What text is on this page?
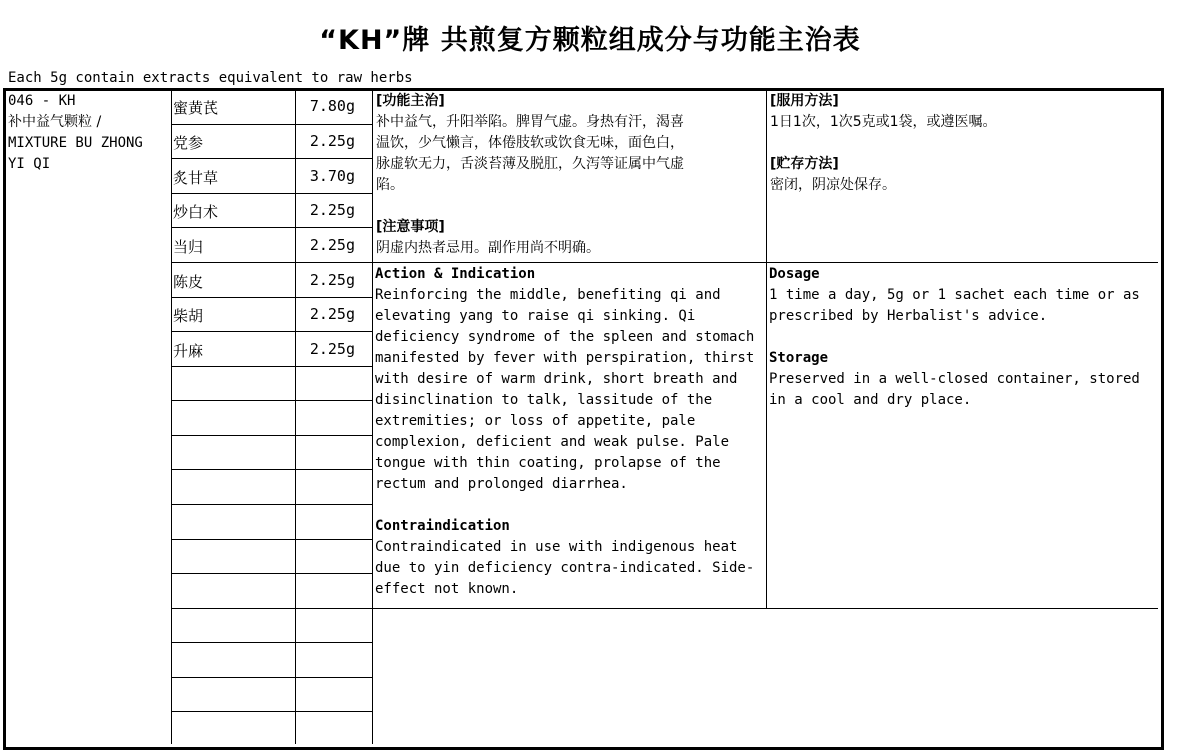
“KH”牌 共煎复方颗粒组成分与功能主治表
Each 5g contain extracts equivalent to raw herbs
046 - KH
补中益气颗粒 /
MIXTURE BU ZHONG
YI QI
蜜黄芪	7.80g
党参	2.25g
炙甘草	3.70g
炒白术	2.25g
当归	2.25g
陈皮	2.25g
柴胡	2.25g
升麻	2.25g
[功能主治]
补中益气，升阳举陷。脾胃气虚。身热有汗，渴喜
温饮，少气懒言，体倦肢软或饮食无味，面色白，
脉虚软无力，舌淡苔薄及脱肛，久泻等证属中气虚
陷。
[注意事项]
阴虚内热者忌用。副作用尚不明确。
[服用方法]
1日1次，1次5克或1袋，或遵医嘱。
[贮存方法]
密闭，阴凉处保存。
Action & Indication
Reinforcing the middle, benefiting qi and
elevating yang to raise qi sinking. Qi
deficiency syndrome of the spleen and stomach
manifested by fever with perspiration, thirst
with desire of warm drink, short breath and
disinclination to talk, lassitude of the
extremities; or loss of appetite, pale
complexion, deficient and weak pulse. Pale
tongue with thin coating, prolapse of the
rectum and prolonged diarrhea.
Contraindication
Contraindicated in use with indigenous heat
due to yin deficiency contra-indicated. Side-
effect not known.
Dosage
1 time a day, 5g or 1 sachet each time or as
prescribed by Herbalist's advice.
Storage
Preserved in a well-closed container, stored
in a cool and dry place.
